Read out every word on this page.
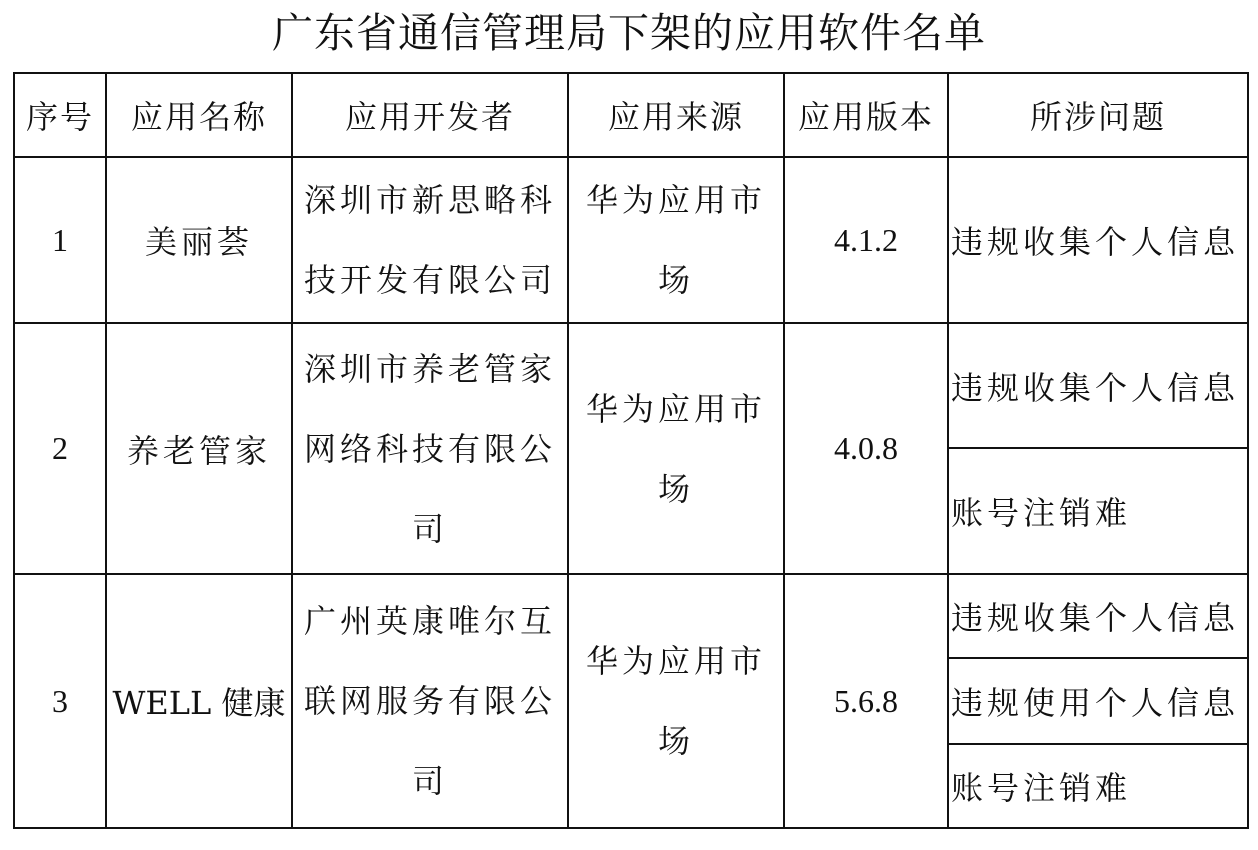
广东省通信管理局下架的应用软件名单
序号	应用名称	应用开发者	应用来源	应用版本	所涉问题
1	美丽荟	深圳市新思略科技开发有限公司	华为应用市场	4.1.2	违规收集个人信息
2	养老管家	深圳市养老管家网络科技有限公司	华为应用市场	4.0.8	违规收集个人信息
					账号注销难
3	WELL 健康	广州英康唯尔互联网服务有限公司	华为应用市场	5.6.8	违规收集个人信息
					违规使用个人信息
					账号注销难
